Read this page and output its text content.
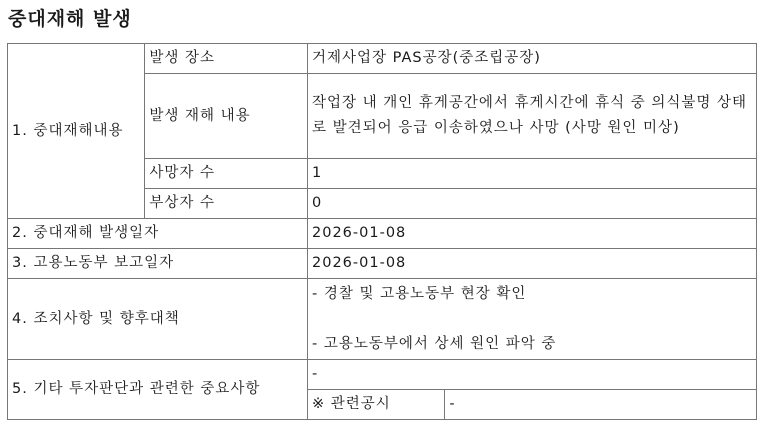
중대재해 발생
1. 중대재해내용	발생 장소	거제사업장 PAS공장(중조립공장)	
	발생 재해 내용	작업장 내 개인 휴게공간에서 휴게시간에 휴식 중 의식불명 상태로 발견되어 응급 이송하였으나 사망 (사망 원인 미상)	
	사망자 수	1	
	부상자 수	0	
2. 중대재해 발생일자		2026-01-08	
3. 고용노동부 보고일자		2026-01-08	
4. 조치사항 및 향후대책		- 경찰 및 고용노동부 현장 확인
- 고용노동부에서 상세 원인 파악 중	

5. 기타 투자판단과 관련한 중요사항		-	
		※ 관련공시	-
